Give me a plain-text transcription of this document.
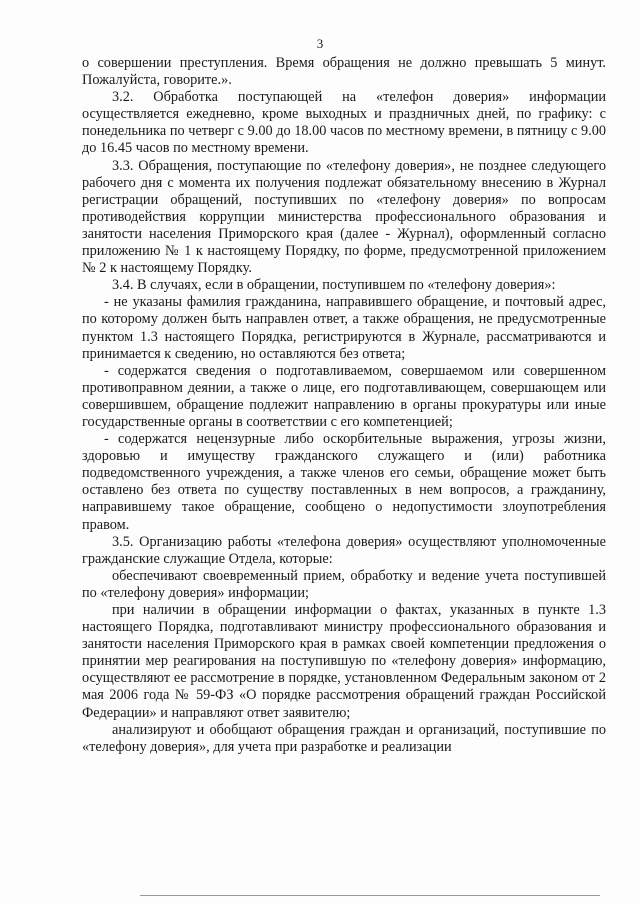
3

о совершении преступления. Время обращения не должно превышать 5 минут. Пожалуйста, говорите.».

3.2. Обработка поступающей на «телефон доверия» информации осуществляется ежедневно, кроме выходных и праздничных дней, по графику: с понедельника по четверг с 9.00 до 18.00 часов по местному времени, в пятницу с 9.00 до 16.45 часов по местному времени.

3.3. Обращения, поступающие по «телефону доверия», не позднее следующего рабочего дня с момента их получения подлежат обязательному внесению в Журнал регистрации обращений, поступивших по «телефону доверия» по вопросам противодействия коррупции министерства профессионального образования и занятости населения Приморского края (далее - Журнал), оформленный согласно приложению № 1 к настоящему Порядку, по форме, предусмотренной приложением № 2 к настоящему Порядку.

3.4. В случаях, если в обращении, поступившем по «телефону доверия»:

- не указаны фамилия гражданина, направившего обращение, и почтовый адрес, по которому должен быть направлен ответ, а также обращения, не предусмотренные пунктом 1.3 настоящего Порядка, регистрируются в Журнале, рассматриваются и принимается к сведению, но оставляются без ответа;

- содержатся сведения о подготавливаемом, совершаемом или совершенном противоправном деянии, а также о лице, его подготавливающем, совершающем или совершившем, обращение подлежит направлению в органы прокуратуры или иные государственные органы в соответствии с его компетенцией;

- содержатся нецензурные либо оскорбительные выражения, угрозы жизни, здоровью и имуществу гражданского служащего и (или) работника подведомственного учреждения, а также членов его семьи, обращение может быть оставлено без ответа по существу поставленных в нем вопросов, а гражданину, направившему такое обращение, сообщено о недопустимости злоупотребления правом.

3.5. Организацию работы «телефона доверия» осуществляют уполномоченные гражданские служащие Отдела, которые:

обеспечивают своевременный прием, обработку и ведение учета поступившей по «телефону доверия» информации;

при наличии в обращении информации о фактах, указанных в пункте 1.3 настоящего Порядка, подготавливают министру профессионального образования и занятости населения Приморского края в рамках своей компетенции предложения о принятии мер реагирования на поступившую по «телефону доверия» информацию, осуществляют ее рассмотрение в порядке, установленном Федеральным законом от 2 мая 2006 года № 59-ФЗ «О порядке рассмотрения обращений граждан Российской Федерации» и направляют ответ заявителю;

анализируют и обобщают обращения граждан и организаций, поступившие по «телефону доверия», для учета при разработке и реализации
